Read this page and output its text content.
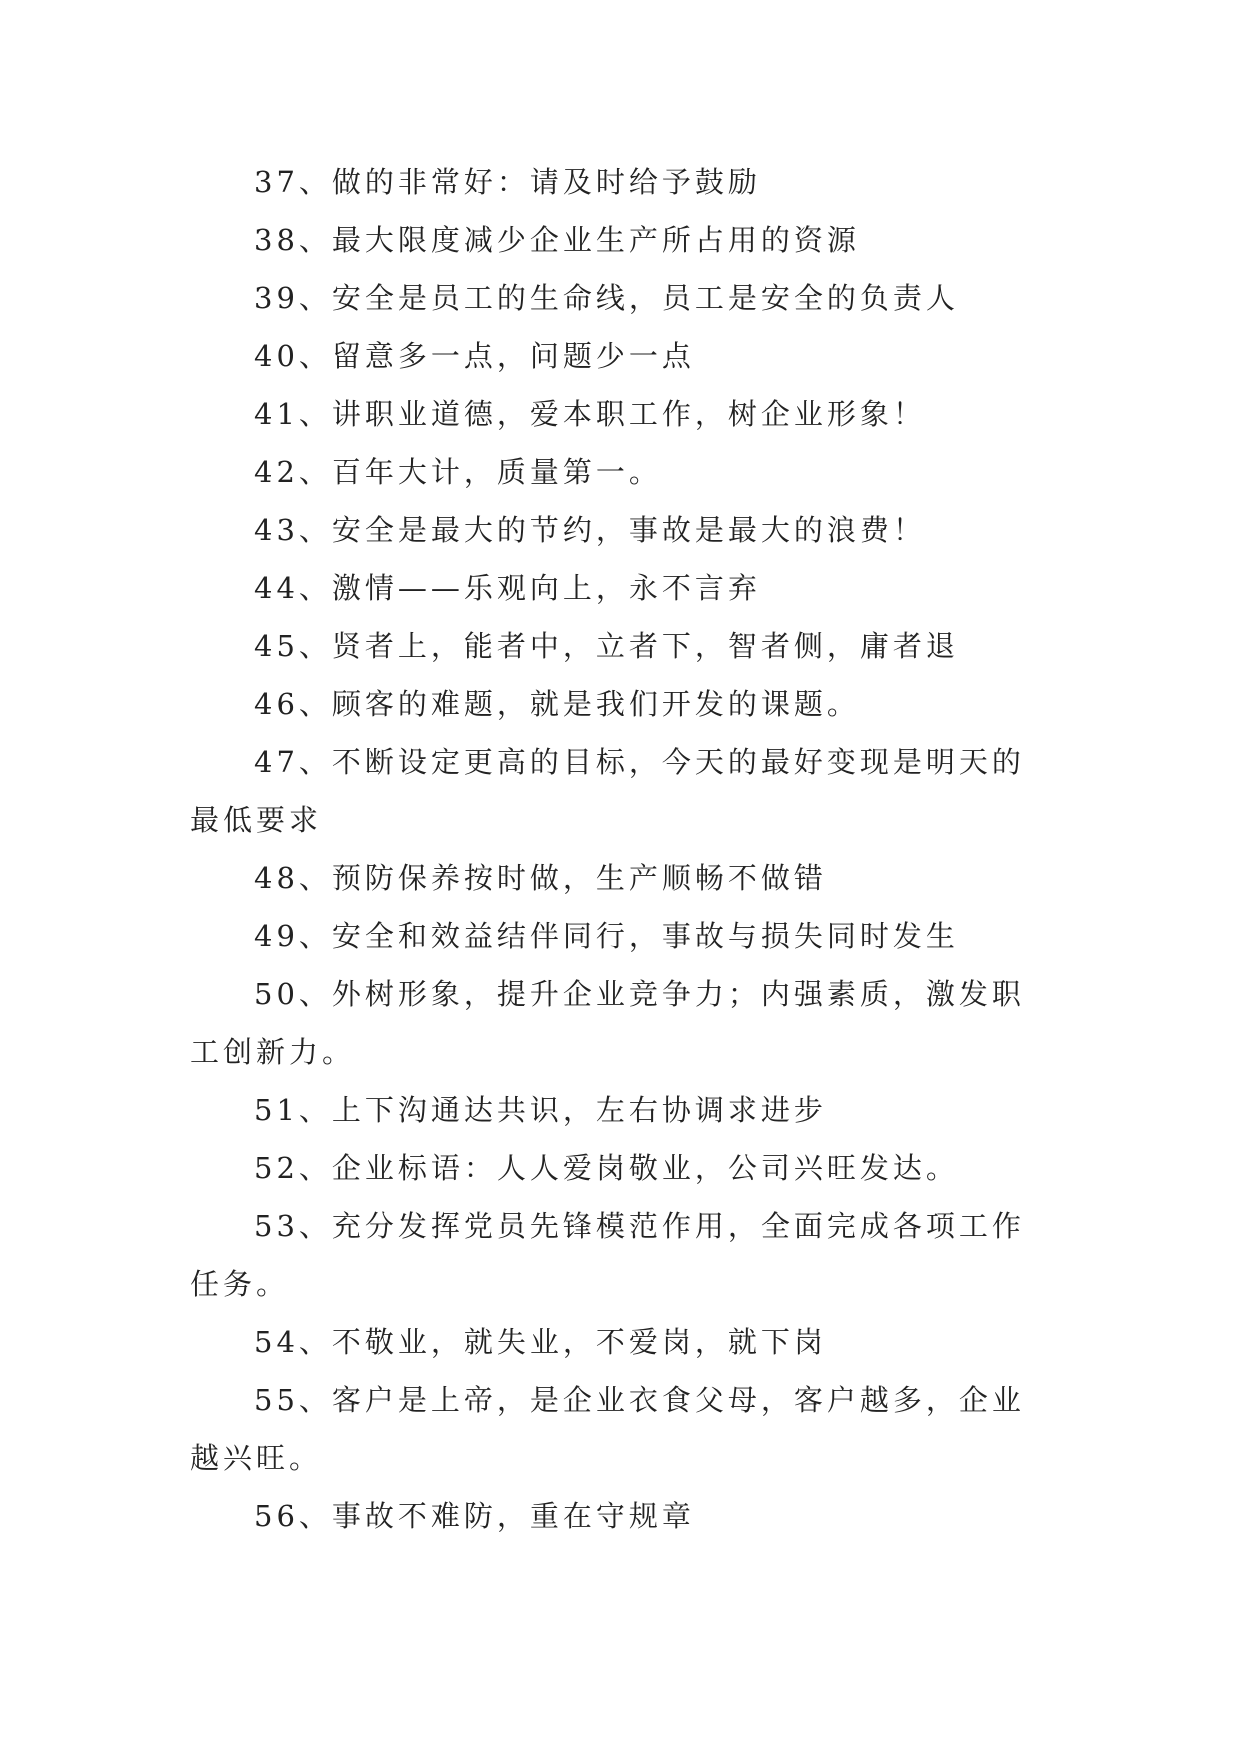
37、做的非常好：请及时给予鼓励

38、最大限度减少企业生产所占用的资源

39、安全是员工的生命线，员工是安全的负责人

40、留意多一点，问题少一点

41、讲职业道德，爱本职工作，树企业形象！

42、百年大计，质量第一。

43、安全是最大的节约，事故是最大的浪费！

44、激情——乐观向上，永不言弃

45、贤者上，能者中，立者下，智者侧，庸者退

46、顾客的难题，就是我们开发的课题。

47、不断设定更高的目标，今天的最好变现是明天的最低要求

48、预防保养按时做，生产顺畅不做错

49、安全和效益结伴同行，事故与损失同时发生

50、外树形象，提升企业竞争力；内强素质，激发职工创新力。

51、上下沟通达共识，左右协调求进步

52、企业标语：人人爱岗敬业，公司兴旺发达。

53、充分发挥党员先锋模范作用，全面完成各项工作任务。

54、不敬业，就失业，不爱岗，就下岗

55、客户是上帝，是企业衣食父母，客户越多，企业越兴旺。

56、事故不难防，重在守规章
